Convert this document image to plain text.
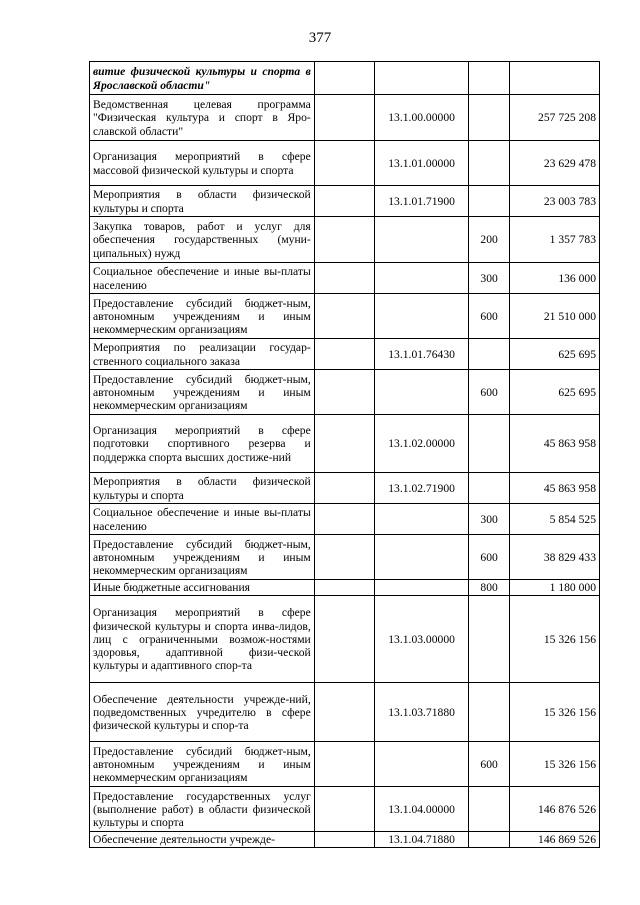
377
витие физической культуры и спорта в Ярославской области"				
Ведомственная целевая программа "Физическая культура и спорт в Яро-славской области"		13.1.00.00000		257 725 208
Организация мероприятий в сфере массовой физической культуры и спорта		13.1.01.00000		23 629 478
Мероприятия в области физической культуры и спорта		13.1.01.71900		23 003 783
Закупка товаров, работ и услуг для обеспечения государственных (муни-ципальных) нужд			200	1 357 783
Социальное обеспечение и иные вы-платы населению			300	136 000
Предоставление субсидий бюджет-ным, автономным учреждениям и иным некоммерческим организациям			600	21 510 000
Мероприятия по реализации государ-ственного социального заказа		13.1.01.76430		625 695
Предоставление субсидий бюджет-ным, автономным учреждениям и иным некоммерческим организациям			600	625 695
Организация мероприятий в сфере подготовки спортивного резерва и поддержка спорта высших достиже-ний		13.1.02.00000		45 863 958
Мероприятия в области физической культуры и спорта		13.1.02.71900		45 863 958
Социальное обеспечение и иные вы-платы населению			300	5 854 525
Предоставление субсидий бюджет-ным, автономным учреждениям и иным некоммерческим организациям			600	38 829 433
Иные бюджетные ассигнования			800	1 180 000
Организация мероприятий в сфере физической культуры и спорта инва-лидов, лиц с ограниченными возмож-ностями здоровья, адаптивной физи-ческой культуры и адаптивного спор-та		13.1.03.00000		15 326 156
Обеспечение деятельности учрежде-ний, подведомственных учредителю в сфере физической культуры и спор-та		13.1.03.71880		15 326 156
Предоставление субсидий бюджет-ным, автономным учреждениям и иным некоммерческим организациям			600	15 326 156
Предоставление государственных услуг (выполнение работ) в области физической культуры и спорта		13.1.04.00000		146 876 526
Обеспечение деятельности учрежде-		13.1.04.71880		146 869 526
